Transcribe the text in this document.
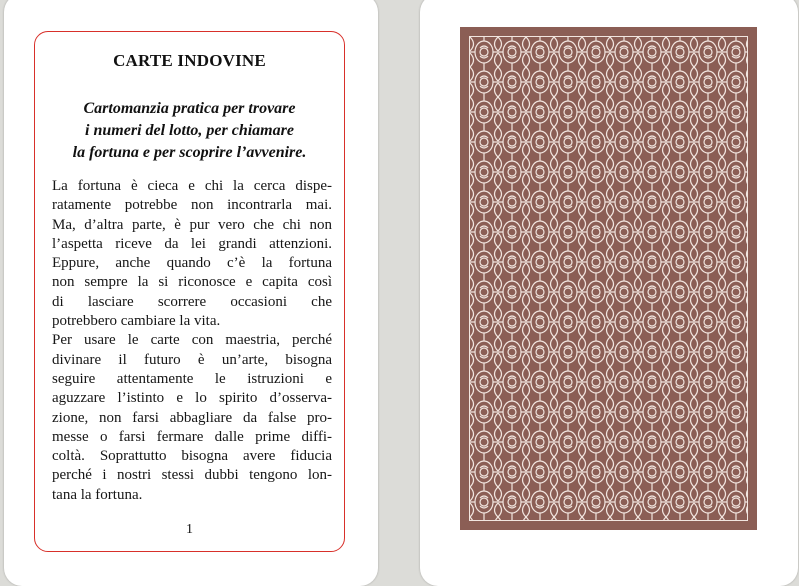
CARTE INDOVINE
Cartomanzia pratica per trovare
i numeri del lotto, per chiamare
la fortuna e per scoprire l’avvenire.
La fortuna è cieca e chi la cerca dispe-
ratamente potrebbe non incontrarla mai.
Ma, d’altra parte, è pur vero che chi non
l’aspetta riceve da lei grandi attenzioni.
Eppure, anche quando c’è la fortuna
non sempre la si riconosce e capita così
di lasciare scorrere occasioni che
potrebbero cambiare la vita.
Per usare le carte con maestria, perché
divinare il futuro è un’arte, bisogna
seguire attentamente le istruzioni e
aguzzare l’istinto e lo spirito d’osserva-
zione, non farsi abbagliare da false pro-
messe o farsi fermare dalle prime diffi-
coltà. Soprattutto bisogna avere fiducia
perché i nostri stessi dubbi tengono lon-
tana la fortuna.
1
